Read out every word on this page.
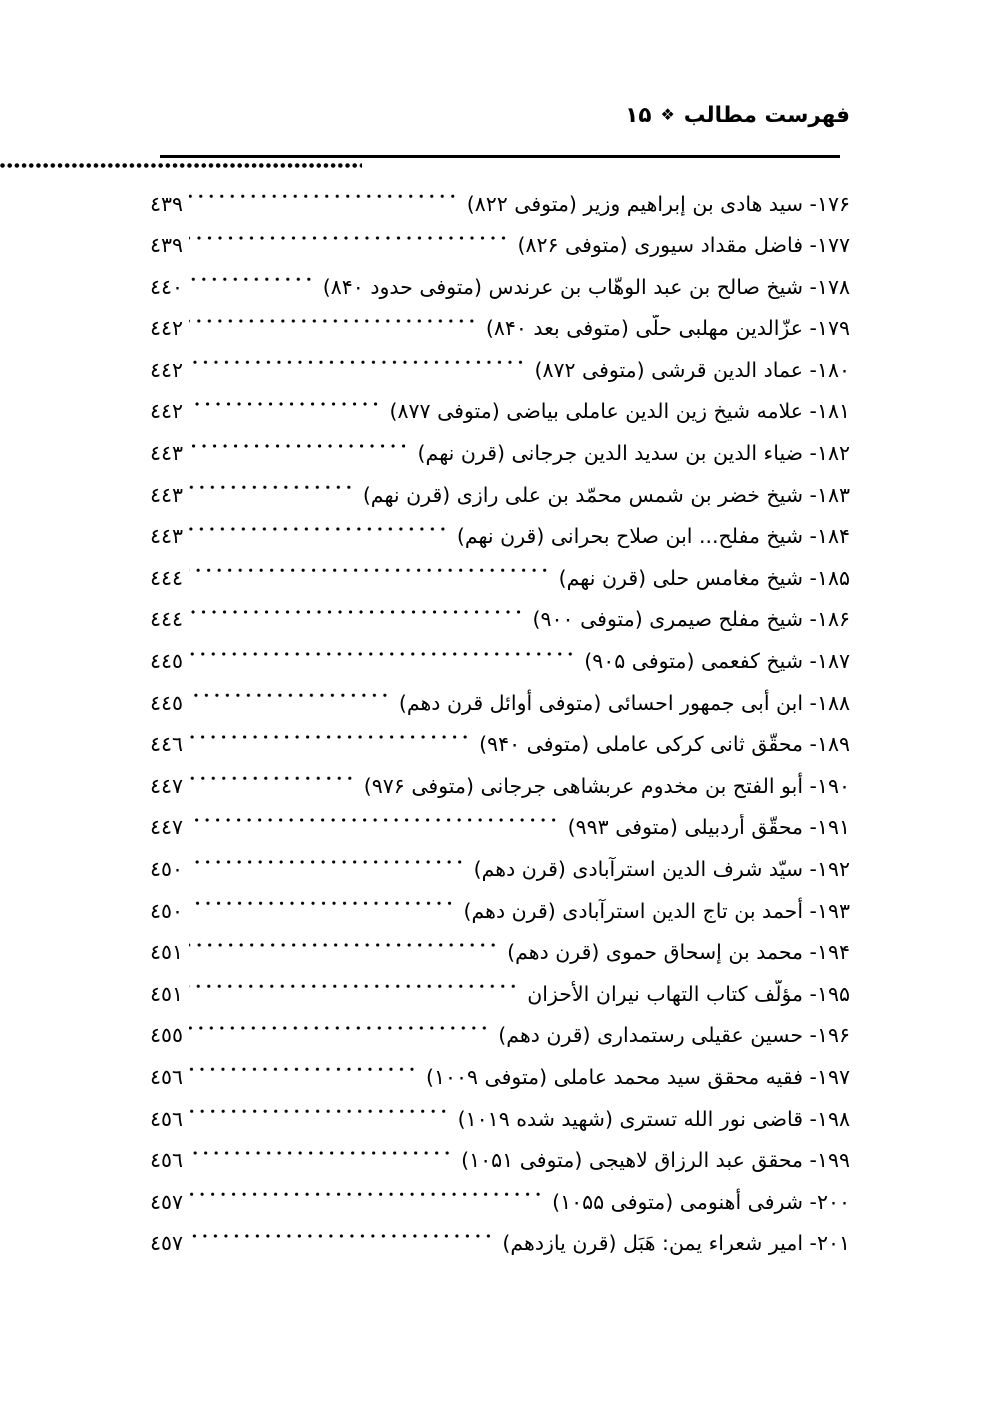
فهرست مطالب
❖
۱۵
۱۷۶- سید هادی بن إبراهیم وزیر (متوفی ۸۲۲)
٤٣٩
۱۷۷- فاضل مقداد سیوری (متوفی ۸۲۶)
٤٣٩
۱۷۸- شیخ صالح بن عبد الوهّاب بن عرندس (متوفی حدود ۸۴۰)
٤٤٠
۱۷۹- عزّالدین مهلبی حلّی (متوفی بعد ۸۴۰)
٤٤٢
۱۸۰- عماد الدین قرشی (متوفی ۸۷۲)
٤٤٢
۱۸۱- علامه شیخ زین الدین عاملی بیاضی (متوفی ۸۷۷)
٤٤٢
۱۸۲- ضیاء الدین بن سدید الدین جرجانی (قرن نهم)
٤٤٣
۱۸۳- شیخ خضر بن شمس محمّد بن علی رازی (قرن نهم)
٤٤٣
۱۸۴- شیخ مفلح... ابن صلاح بحرانی (قرن نهم)
٤٤٣
۱۸۵- شیخ مغامس حلی (قرن نهم)
٤٤٤
۱۸۶- شیخ مفلح صیمری (متوفی ۹۰۰)
٤٤٤
۱۸۷- شیخ کفعمی (متوفی ۹۰۵)
٤٤٥
۱۸۸- ابن أبی جمهور احسائی (متوفی أوائل قرن دهم)
٤٤٥
۱۸۹- محقّق ثانی کرکی عاملی (متوفی ۹۴۰)
٤٤٦
۱۹۰- أبو الفتح بن مخدوم عربشاهی جرجانی (متوفی ۹۷۶)
٤٤٧
۱۹۱- محقّق أردبیلی (متوفی ۹۹۳)
٤٤٧
۱۹۲- سیّد شرف الدین استرآبادی (قرن دهم)
٤٥٠
۱۹۳- أحمد بن تاج الدین استرآبادی (قرن دهم)
٤٥٠
۱۹۴- محمد بن إسحاق حموی (قرن دهم)
٤٥١
۱۹۵- مؤلّف کتاب التهاب نیران الأحزان
٤٥١
۱۹۶- حسین عقیلی رستمداری (قرن دهم)
٤٥٥
۱۹۷- فقیه محقق سید محمد عاملی (متوفی ۱۰۰۹)
٤٥٦
۱۹۸- قاضی نور الله تستری (شهید شده ۱۰۱۹)
٤٥٦
۱۹۹- محقق عبد الرزاق لاهیجی (متوفی ۱۰۵۱)
٤٥٦
۲۰۰- شرفی أهنومی (متوفی ۱۰۵۵)
٤٥٧
۲۰۱- امیر شعراء یمن: هَبَل (قرن یازدهم)
٤٥٧
